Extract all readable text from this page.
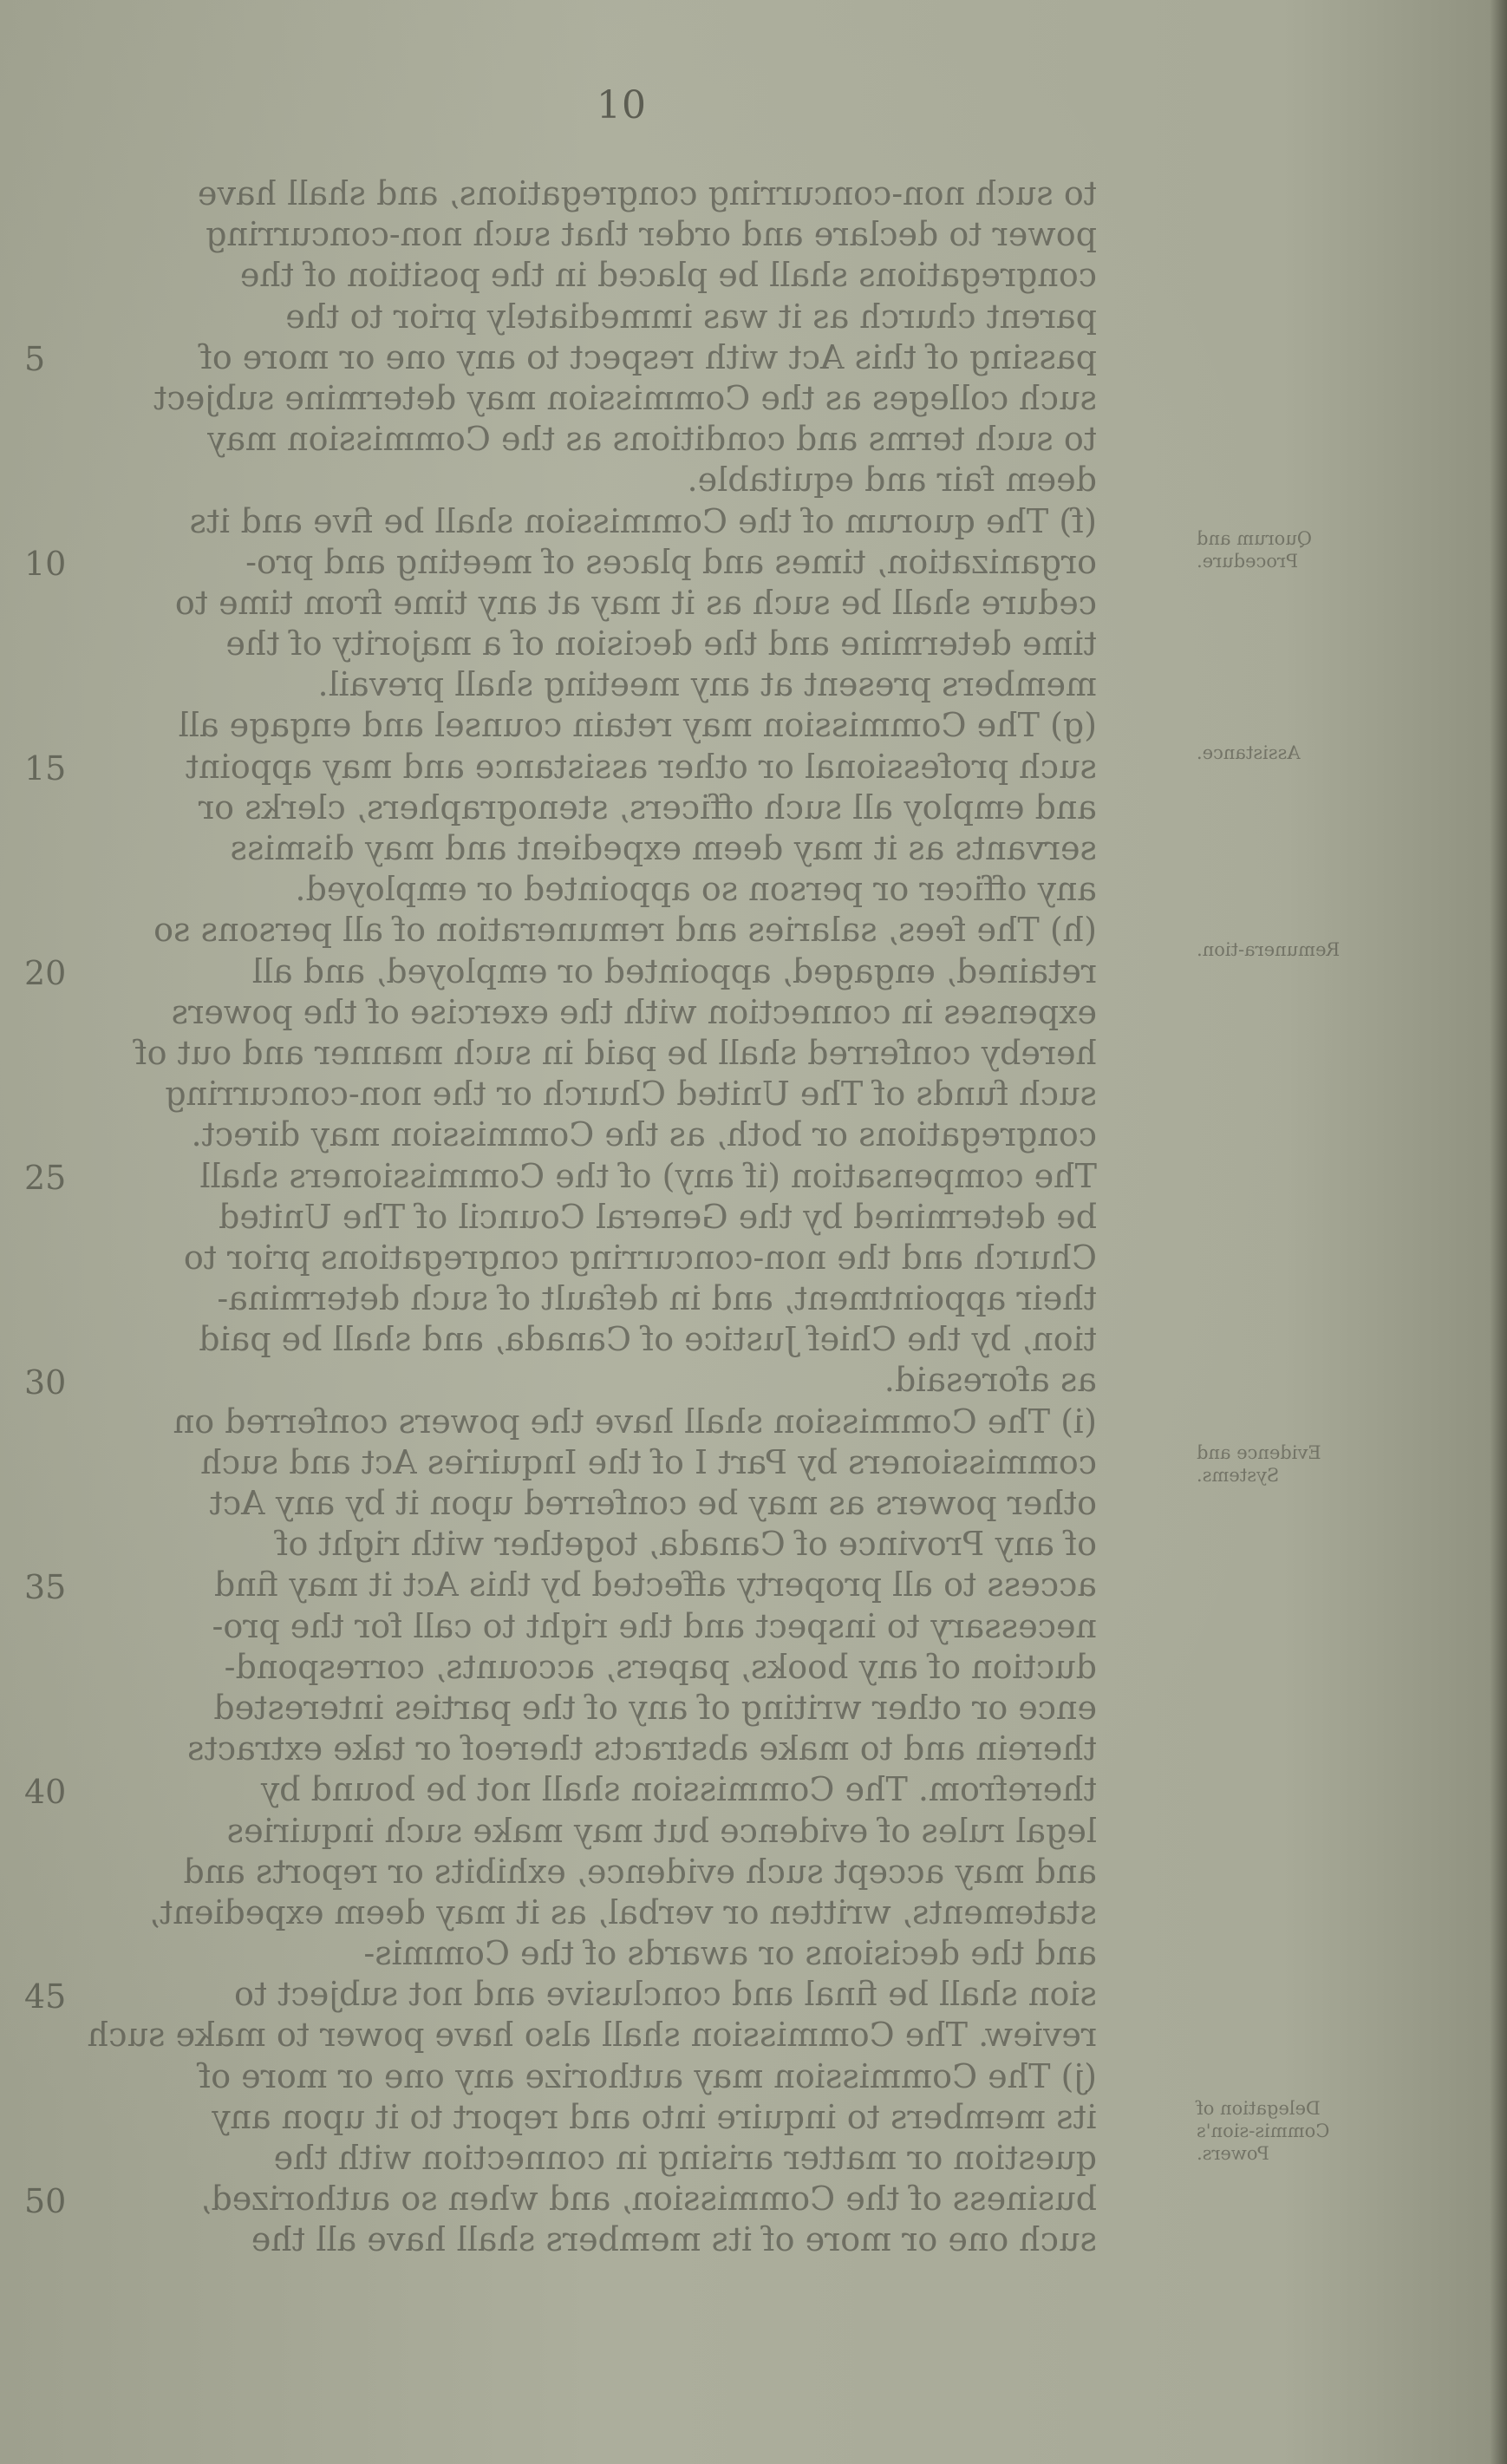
10
to such non-concurring congregations, and shall have
power to declare and order that such non-concurring
congregations shall be placed in the position of the
parent church as it was immediately prior to the
passing of this Act with respect to any one or more of
such colleges as the Commission may determine subject
to such terms and conditions as the Commission may
deem fair and equitable.
(f) The quorum of the Commission shall be five and its
organization, times and places of meeting and pro-
cedure shall be such as it may at any time from time to
time determine and the decision of a majority of the
members present at any meeting shall prevail.
(g) The Commission may retain counsel and engage all
such professional or other assistance and may appoint
and employ all such officers, stenographers, clerks or
servants as it may deem expedient and may dismiss
any officer or person so appointed or employed.
(h) The fees, salaries and remuneration of all persons so
retained, engaged, appointed or employed, and all
expenses in connection with the exercise of the powers
hereby conferred shall be paid in such manner and out of
such funds of The United Church or the non-concurring
congregations or both, as the Commission may direct.
The compensation (if any) of the Commissioners shall
be determined by the General Council of The United
Church and the non-concurring congregations prior to
their appointment, and in default of such determina-
tion, by the Chief Justice of Canada, and shall be paid
as aforesaid.
(i) The Commission shall have the powers conferred on
commissioners by Part I of the Inquiries Act and such
other powers as may be conferred upon it by any Act
of any Province of Canada, together with right of
access to all property affected by this Act it may find
necessary to inspect and the right to call for the pro-
duction of any books, papers, accounts, correspond-
ence or other writing of any of the parties interested
therein and to make abstracts thereof or take extracts
therefrom. The Commission shall not be bound by
legal rules of evidence but may make such inquiries
and may accept such evidence, exhibits or reports and
statements, written or verbal, as it may deem expedient,
and the decisions or awards of the Commis-
sion shall be final and conclusive and not subject to
review. The Commission shall also have power to make such
(j) The Commission may authorize any one or more of
its members to inquire into and report to it upon any
question or matter arising in connection with the
business of the Commission, and when so authorized,
such one or more of its members shall have all the
5
10
15
20
25
30
35
40
45
50
Quorum and Procedure.
Assistance.
Remunera-tion.
Evidence and Systems.
Delegation of Commis-sion's Powers.
